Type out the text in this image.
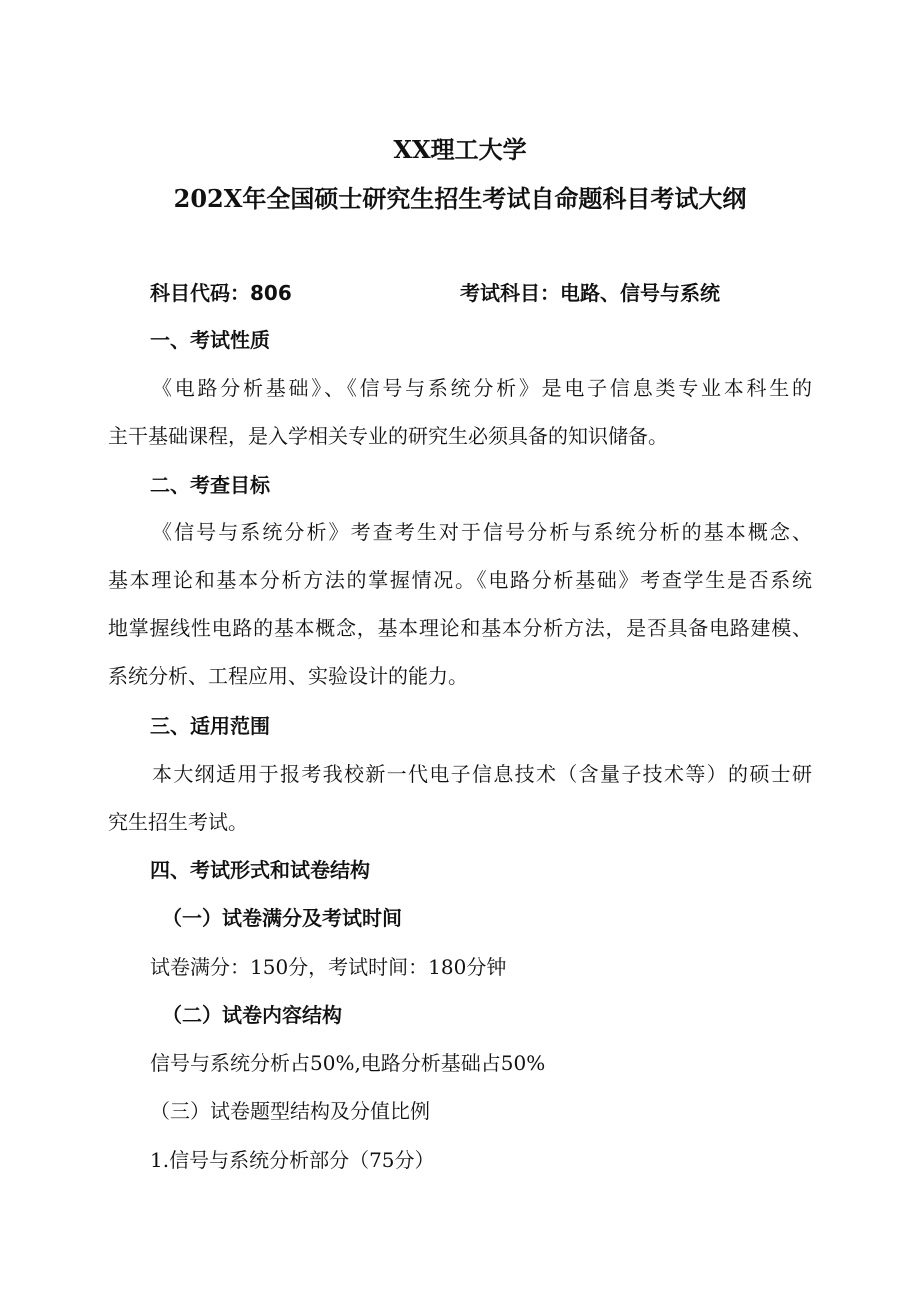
XX理工大学
202X年全国硕士研究生招生考试自命题科目考试大纲
科目代码：806	考试科目：电路、信号与系统
一、考试性质
《电路分析基础》、《信号与系统分析》是电子信息类专业本科生的
主干基础课程，是入学相关专业的研究生必须具备的知识储备。
二、考查目标
《信号与系统分析》考查考生对于信号分析与系统分析的基本概念、
基本理论和基本分析方法的掌握情况。《电路分析基础》考查学生是否系统
地掌握线性电路的基本概念，基本理论和基本分析方法，是否具备电路建模、
系统分析、工程应用、实验设计的能力。
三、适用范围
本大纲适用于报考我校新一代电子信息技术（含量子技术等）的硕士研
究生招生考试。
四、考试形式和试卷结构
（一）试卷满分及考试时间
试卷满分：150分，考试时间：180分钟
（二）试卷内容结构
信号与系统分析占50%,电路分析基础占50%
（三）试卷题型结构及分值比例
1.信号与系统分析部分（75分）
